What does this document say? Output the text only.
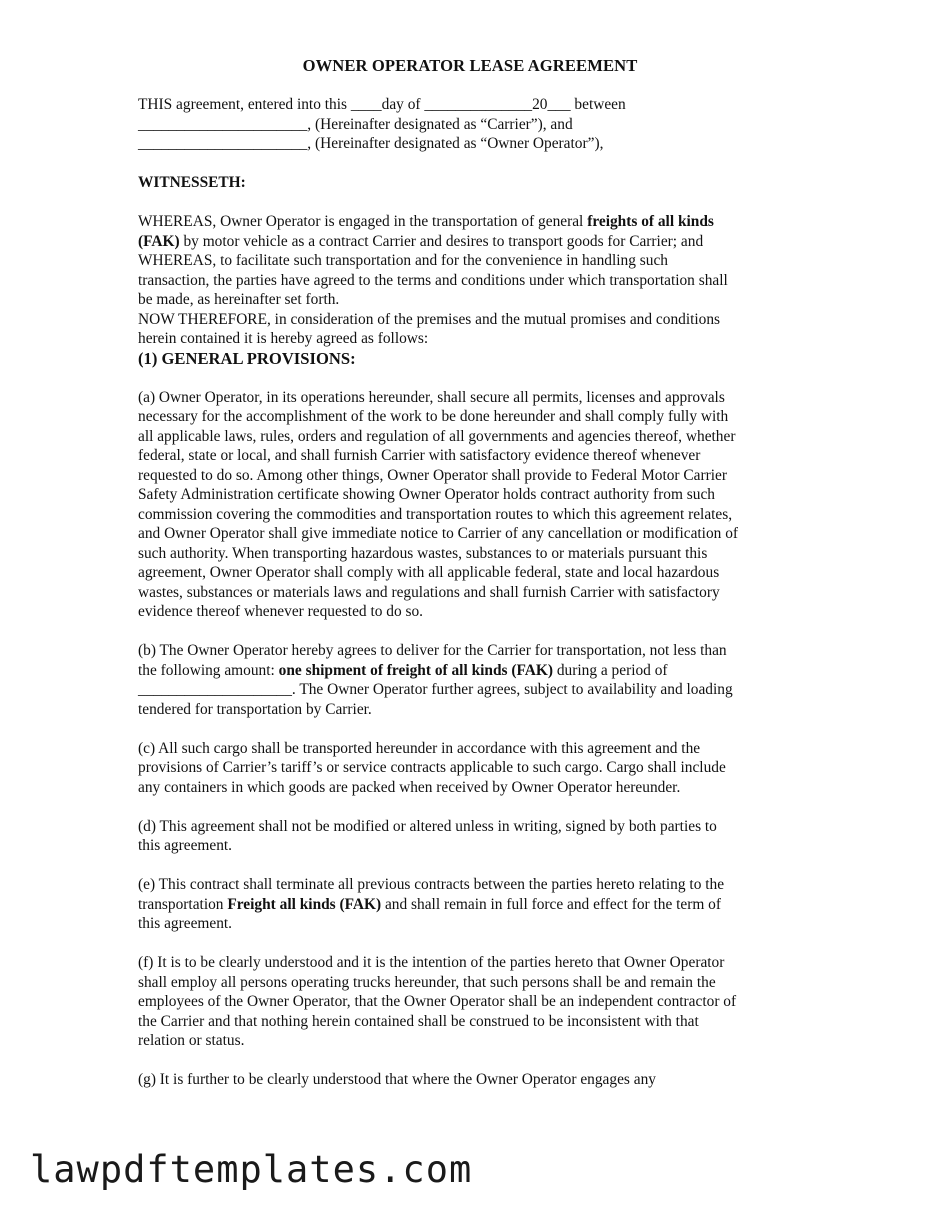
OWNER OPERATOR LEASE AGREEMENT
THIS agreement, entered into this ____day of ______________20___ between
______________________, (Hereinafter designated as “Carrier”), and
______________________, (Hereinafter designated as “Owner Operator”),
WITNESSETH:
WHEREAS, Owner Operator is engaged in the transportation of general freights of all kinds
(FAK) by motor vehicle as a contract Carrier and desires to transport goods for Carrier; and
WHEREAS, to facilitate such transportation and for the convenience in handling such
transaction, the parties have agreed to the terms and conditions under which transportation shall
be made, as hereinafter set forth.
NOW THEREFORE, in consideration of the premises and the mutual promises and conditions
herein contained it is hereby agreed as follows:
(1) GENERAL PROVISIONS:
(a) Owner Operator, in its operations hereunder, shall secure all permits, licenses and approvals
necessary for the accomplishment of the work to be done hereunder and shall comply fully with
all applicable laws, rules, orders and regulation of all governments and agencies thereof, whether
federal, state or local, and shall furnish Carrier with satisfactory evidence thereof whenever
requested to do so. Among other things, Owner Operator shall provide to Federal Motor Carrier
Safety Administration certificate showing Owner Operator holds contract authority from such
commission covering the commodities and transportation routes to which this agreement relates,
and Owner Operator shall give immediate notice to Carrier of any cancellation or modification of
such authority. When transporting hazardous wastes, substances to or materials pursuant this
agreement, Owner Operator shall comply with all applicable federal, state and local hazardous
wastes, substances or materials laws and regulations and shall furnish Carrier with satisfactory
evidence thereof whenever requested to do so.
(b) The Owner Operator hereby agrees to deliver for the Carrier for transportation, not less than
the following amount: one shipment of freight of all kinds (FAK) during a period of
____________________. The Owner Operator further agrees, subject to availability and loading
tendered for transportation by Carrier.
(c) All such cargo shall be transported hereunder in accordance with this agreement and the
provisions of Carrier’s tariff’s or service contracts applicable to such cargo. Cargo shall include
any containers in which goods are packed when received by Owner Operator hereunder.
(d) This agreement shall not be modified or altered unless in writing, signed by both parties to
this agreement.
(e) This contract shall terminate all previous contracts between the parties hereto relating to the
transportation Freight all kinds (FAK) and shall remain in full force and effect for the term of
this agreement.
(f) It is to be clearly understood and it is the intention of the parties hereto that Owner Operator
shall employ all persons operating trucks hereunder, that such persons shall be and remain the
employees of the Owner Operator, that the Owner Operator shall be an independent contractor of
the Carrier and that nothing herein contained shall be construed to be inconsistent with that
relation or status.
(g) It is further to be clearly understood that where the Owner Operator engages any
lawpdftemplates.com
